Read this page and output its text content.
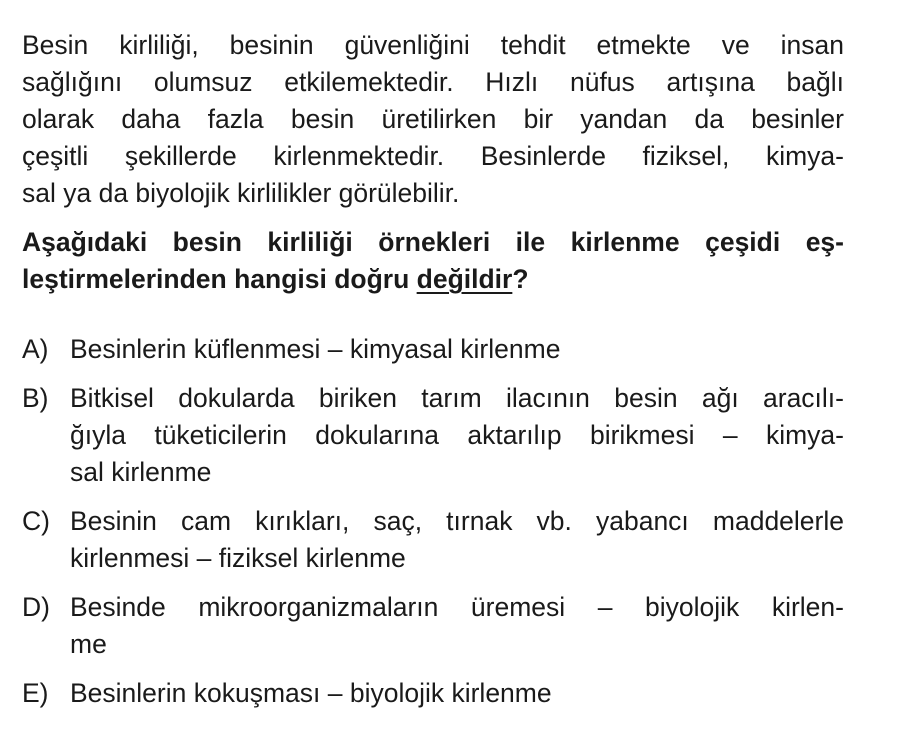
Besin kirliliği, besinin güvenliğini tehdit etmekte ve insan
sağlığını olumsuz etkilemektedir. Hızlı nüfus artışına bağlı
olarak daha fazla besin üretilirken bir yandan da besinler
çeşitli şekillerde kirlenmektedir. Besinlerde fiziksel, kimya-
sal ya da biyolojik kirlilikler görülebilir.
Aşağıdaki besin kirliliği örnekleri ile kirlenme çeşidi eş-
leştirmelerinden hangisi doğru değildir?
A) Besinlerin küflenmesi – kimyasal kirlenme
B) Bitkisel dokularda biriken tarım ilacının besin ağı aracılı-
ğıyla tüketicilerin dokularına aktarılıp birikmesi – kimya-
sal kirlenme
C) Besinin cam kırıkları, saç, tırnak vb. yabancı maddelerle
kirlenmesi – fiziksel kirlenme
D) Besinde mikroorganizmaların üremesi – biyolojik kirlen-
me
E) Besinlerin kokuşması – biyolojik kirlenme
